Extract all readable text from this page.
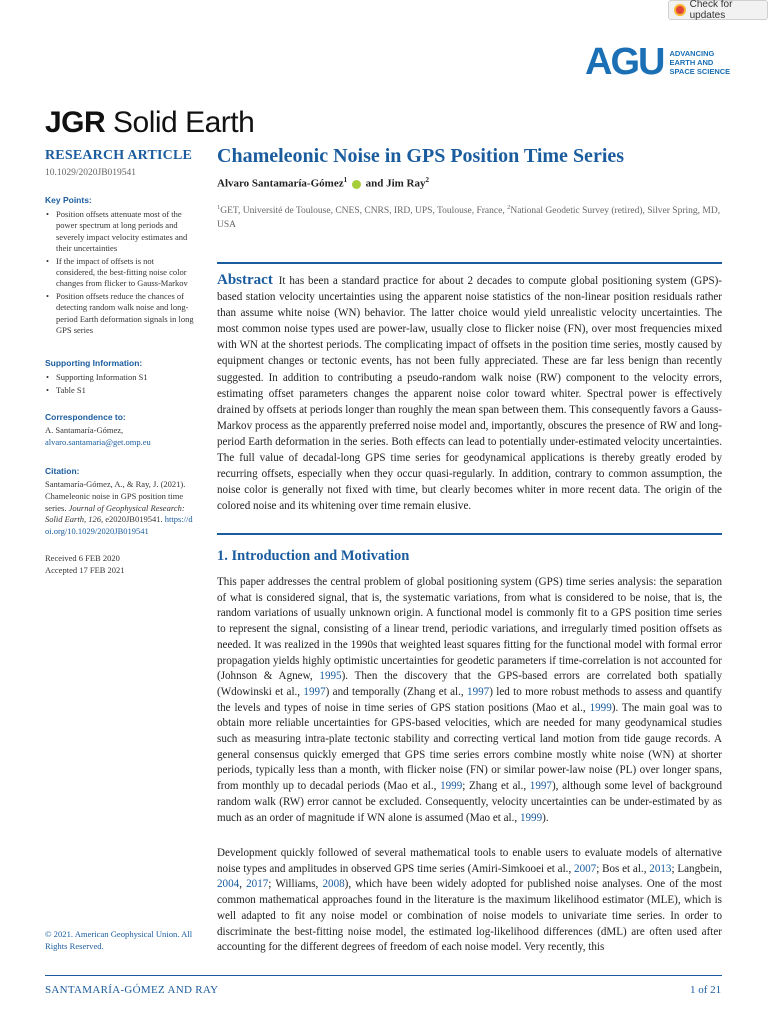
Check for updates
AGU ADVANCING
EARTH AND
SPACE SCIENCE
JGR Solid Earth
RESEARCH ARTICLE
10.1029/2020JB019541
Key Points:
• Position offsets attenuate most of the power spectrum at long periods and severely impact velocity estimates and their uncertainties
• If the impact of offsets is not considered, the best-fitting noise color changes from flicker to Gauss-Markov
• Position offsets reduce the chances of detecting random walk noise and long-period Earth deformation signals in long GPS series
Supporting Information:
• Supporting Information S1
• Table S1
Correspondence to:
A. Santamaría-Gómez,
alvaro.santamaria@get.omp.eu
Citation:
Santamaría-Gómez, A., & Ray, J. (2021). Chameleonic noise in GPS position time series. Journal of Geophysical Research: Solid Earth, 126, e2020JB019541. https://doi.org/10.1029/2020JB019541
Received 6 FEB 2020
Accepted 17 FEB 2021
Chameleonic Noise in GPS Position Time Series
Alvaro Santamaría-Gómez$^1$  and Jim Ray$^2$
$^1$GET, Université de Toulouse, CNES, CNRS, IRD, UPS, Toulouse, France, $^2$National Geodetic Survey (retired), Silver Spring, MD, USA
Abstract It has been a standard practice for about 2 decades to compute global positioning system (GPS)-based station velocity uncertainties using the apparent noise statistics of the non-linear position residuals rather than assume white noise (WN) behavior. The latter choice would yield unrealistic velocity uncertainties. The most common noise types used are power-law, usually close to flicker noise (FN), over most frequencies mixed with WN at the shortest periods. The complicating impact of offsets in the position time series, mostly caused by equipment changes or tectonic events, has not been fully appreciated. These are far less benign than recently suggested. In addition to contributing a pseudo-random walk noise (RW) component to the velocity errors, estimating offset parameters changes the apparent noise color toward whiter. Spectral power is effectively drained by offsets at periods longer than roughly the mean span between them. This consequently favors a Gauss-Markov process as the apparently preferred noise model and, importantly, obscures the presence of RW and long-period Earth deformation in the series. Both effects can lead to potentially under-estimated velocity uncertainties. The full value of decadal-long GPS time series for geodynamical applications is thereby greatly eroded by recurring offsets, especially when they occur quasi-regularly. In addition, contrary to common assumption, the noise color is generally not fixed with time, but clearly becomes whiter in more recent data. The origin of the colored noise and its whitening over time remain elusive.
1. Introduction and Motivation
This paper addresses the central problem of global positioning system (GPS) time series analysis: the separation of what is considered signal, that is, the systematic variations, from what is considered to be noise, that is, the random variations of usually unknown origin. A functional model is commonly fit to a GPS position time series to represent the signal, consisting of a linear trend, periodic variations, and irregularly timed position offsets as needed. It was realized in the 1990s that weighted least squares fitting for the functional model with formal error propagation yields highly optimistic uncertainties for geodetic parameters if time-correlation is not accounted for (Johnson & Agnew, 1995). Then the discovery that the GPS-based errors are correlated both spatially (Wdowinski et al., 1997) and temporally (Zhang et al., 1997) led to more robust methods to assess and quantify the levels and types of noise in time series of GPS station positions (Mao et al., 1999). The main goal was to obtain more reliable uncertainties for GPS-based velocities, which are needed for many geodynamical studies such as measuring intra-plate tectonic stability and correcting vertical land motion from tide gauge records. A general consensus quickly emerged that GPS time series errors combine mostly white noise (WN) at shorter periods, typically less than a month, with flicker noise (FN) or similar power-law noise (PL) over longer spans, from monthly up to decadal periods (Mao et al., 1999; Zhang et al., 1997), although some level of background random walk (RW) error cannot be excluded. Consequently, velocity uncertainties can be under-estimated by as much as an order of magnitude if WN alone is assumed (Mao et al., 1999).
Development quickly followed of several mathematical tools to enable users to evaluate models of alternative noise types and amplitudes in observed GPS time series (Amiri-Simkooei et al., 2007; Bos et al., 2013; Langbein, 2004, 2017; Williams, 2008), which have been widely adopted for published noise analyses. One of the most common mathematical approaches found in the literature is the maximum likelihood estimator (MLE), which is well adapted to fit any noise model or combination of noise models to univariate time series. In order to discriminate the best-fitting noise model, the estimated log-likelihood differences (dML) are often used after accounting for the different degrees of freedom of each noise model. Very recently, this
© 2021. American Geophysical Union. All Rights Reserved.
SANTAMARÍA-GÓMEZ AND RAY	1 of 21
